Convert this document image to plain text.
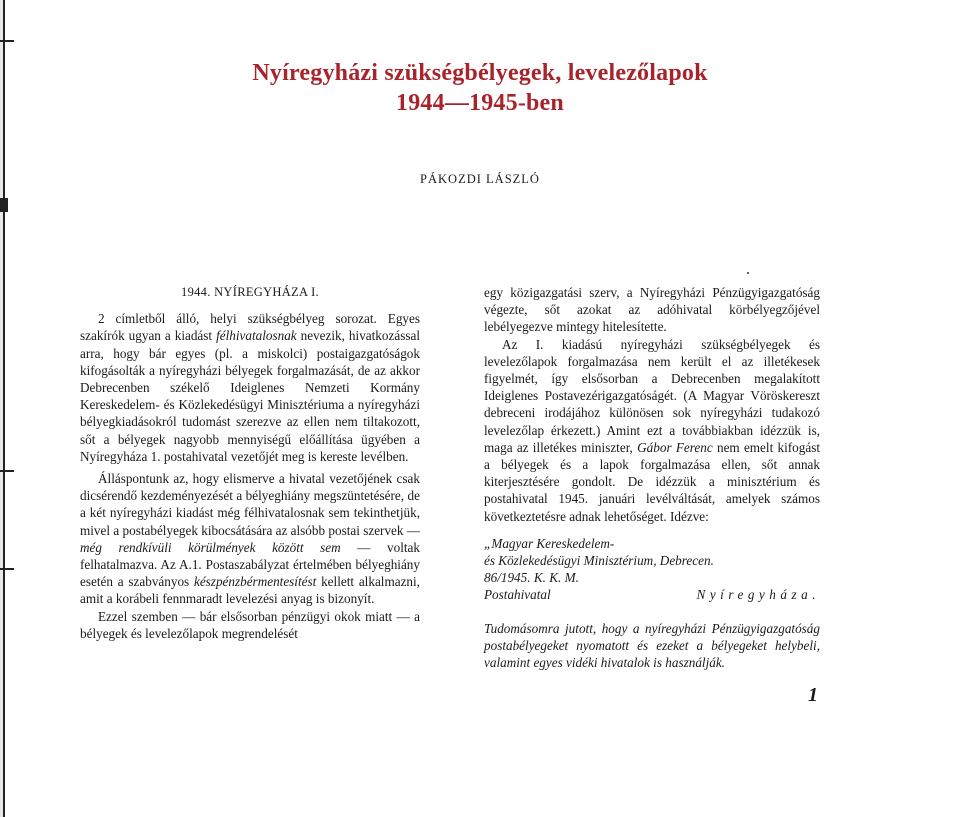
Nyíregyházi szükségbélyegek, levelezőlapok
1944—1945-ben
PÁKOZDI LÁSZLÓ
1944. NYÍREGYHÁZA I.

2 címletből álló, helyi szükségbélyeg sorozat. Egyes szakírók ugyan a kiadást félhivatalosnak nevezik, hivatkozással arra, hogy bár egyes (pl. a miskolci) postaigazgatóságok kifogásolták a nyíregyházi bélyegek forgalmazását, de az akkor Debrecenben székelő Ideiglenes Nemzeti Kormány Kereskedelem- és Közlekedésügyi Minisztériuma a nyíregyházi bélyegkiadásokról tudomást szerezve az ellen nem tiltakozott, sőt a bélyegek nagyobb mennyiségű előállítása ügyében a Nyíregyháza 1. postahivatal vezetőjét meg is kereste levélben.

Álláspontunk az, hogy elismerve a hivatal vezetőjének csak dicsérendő kezdeményezését a bélyeghiány megszüntetésére, de a két nyíregyházi kiadást még félhivatalosnak sem tekinthetjük, mivel a postabélyegek kibocsátására az alsóbb postai szervek — még rendkívüli körülmények között sem — voltak felhatalmazva. Az A.1. Postaszabályzat értelmében bélyeghiány esetén a szabványos készpénzbérmentesítést kellett alkalmazni, amit a korábeli fennmaradt levelezési anyag is bizonyít.

Ezzel szemben — bár elsősorban pénzügyi okok miatt — a bélyegek és levelezőlapok megrendelését

egy közigazgatási szerv, a Nyíregyházi Pénzügyigazgatóság végezte, sőt azokat az adóhivatal körbélyegzőjével lebélyegezve mintegy hitelesítette.

Az I. kiadású nyíregyházi szükségbélyegek és levelezőlapok forgalmazása nem került el az illetékesek figyelmét, így elsősorban a Debrecenben megalakított Ideiglenes Postavezérigazgatóságét. (A Magyar Vöröskereszt debreceni irodájához különösen sok nyíregyházi tudakozó levelezőlap érkezett.) Amint ezt a továbbiakban idézzük is, maga az illetékes miniszter, Gábor Ferenc nem emelt kifogást a bélyegek és a lapok forgalmazása ellen, sőt annak kiterjesztésére gondolt. De idézzük a minisztérium és postahivatal 1945. januári levélváltását, amelyek számos következtetésre adnak lehetőséget. Idézve:

„Magyar Kereskedelem-
és Közlekedésügyi Minisztérium, Debrecen.
86/1945. K. K. M.
Postahivatal	Nyíregyháza.
Tudomásomra jutott, hogy a nyíregyházi Pénzügyigazgatóság postabélyegeket nyomatott és ezeket a bélyegeket helybeli, valamint egyes vidéki hivatalok is használják.
1
